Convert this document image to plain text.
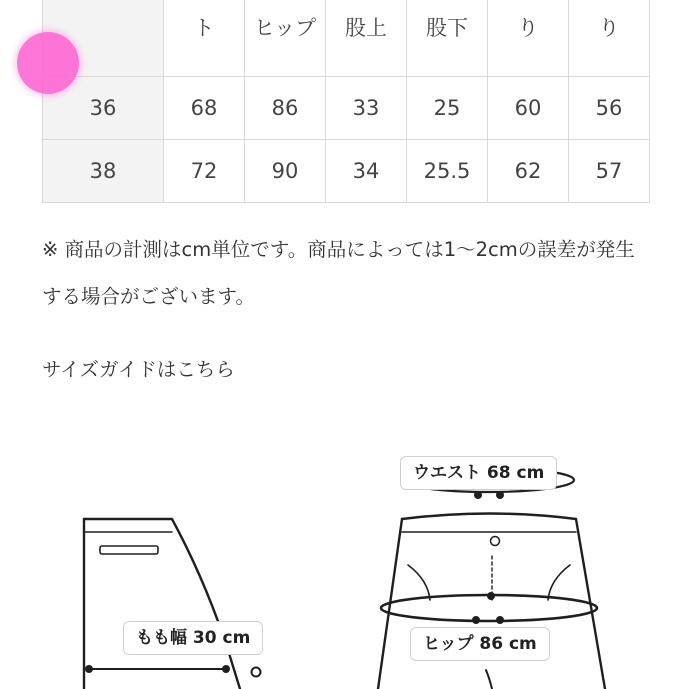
	ト	ヒップ	股上	股下	り	り

36	68	86	33	25	60	56
38	72	90	34	25.5	62	57

※ 商品の計測はcm単位です。商品によっては1〜2cmの誤差が発生する場合がございます。

サイズガイドはこちら
もも幅 30 cm
ウエスト 68 cm
ヒップ 86 cm
